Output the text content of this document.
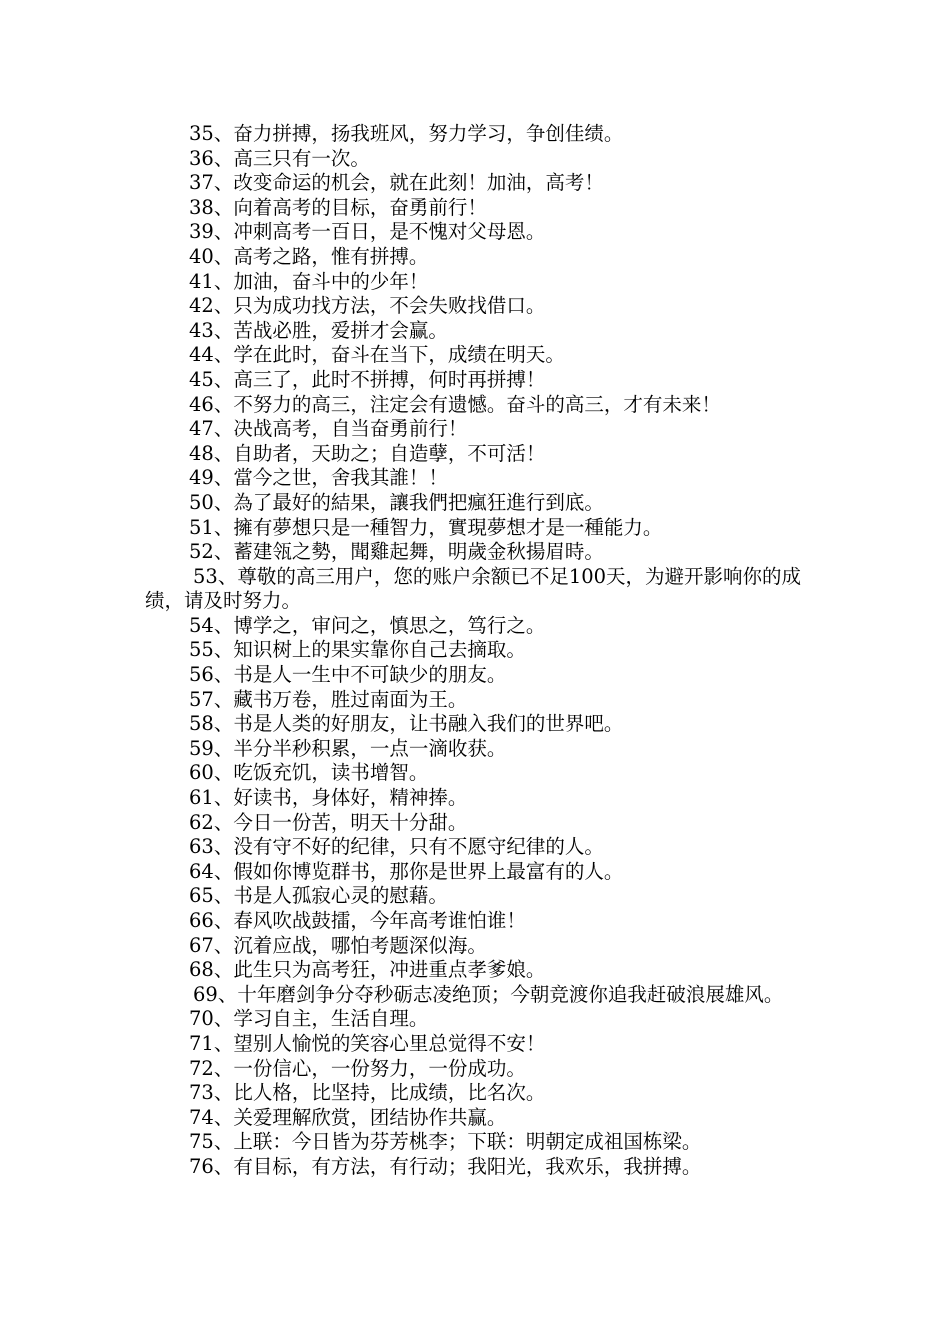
35、奋力拼搏，扬我班风，努力学习，争创佳绩。

36、高三只有一次。

37、改变命运的机会，就在此刻！加油，高考！

38、向着高考的目标，奋勇前行！

39、冲刺高考一百日，是不愧对父母恩。

40、高考之路，惟有拼搏。

41、加油，奋斗中的少年！

42、只为成功找方法，不会失败找借口。

43、苦战必胜，爱拼才会赢。

44、学在此时，奋斗在当下，成绩在明天。

45、高三了，此时不拼搏，何时再拼搏！

46、不努力的高三，注定会有遗憾。奋斗的高三，才有未来！

47、决战高考，自当奋勇前行！

48、自助者，天助之；自造孽，不可活！

49、當今之世，舍我其誰！！

50、為了最好的結果，讓我們把瘋狂進行到底。

51、擁有夢想只是一種智力，實現夢想才是一種能力。

52、蓄建瓴之勢，聞雞起舞，明歲金秋揚眉時。

53、尊敬的高三用户，您的账户余额已不足100天，为避开影响你的成绩，请及时努力。

54、博学之，审问之，慎思之，笃行之。

55、知识树上的果实靠你自己去摘取。

56、书是人一生中不可缺少的朋友。

57、藏书万卷，胜过南面为王。

58、书是人类的好朋友，让书融入我们的世界吧。

59、半分半秒积累，一点一滴收获。

60、吃饭充饥，读书增智。

61、好读书，身体好，精神捧。

62、今日一份苦，明天十分甜。

63、没有守不好的纪律，只有不愿守纪律的人。

64、假如你博览群书，那你是世界上最富有的人。

65、书是人孤寂心灵的慰藉。

66、春风吹战鼓擂，今年高考谁怕谁！

67、沉着应战，哪怕考题深似海。

68、此生只为高考狂，冲进重点孝爹娘。

69、十年磨剑争分夺秒砺志凌绝顶；今朝竞渡你追我赶破浪展雄风。

70、学习自主，生活自理。

71、望别人愉悦的笑容心里总觉得不安！

72、一份信心，一份努力，一份成功。

73、比人格，比坚持，比成绩，比名次。

74、关爱理解欣赏，团结协作共赢。

75、上联：今日皆为芬芳桃李；下联：明朝定成祖国栋梁。

76、有目标，有方法，有行动；我阳光，我欢乐，我拼搏。
